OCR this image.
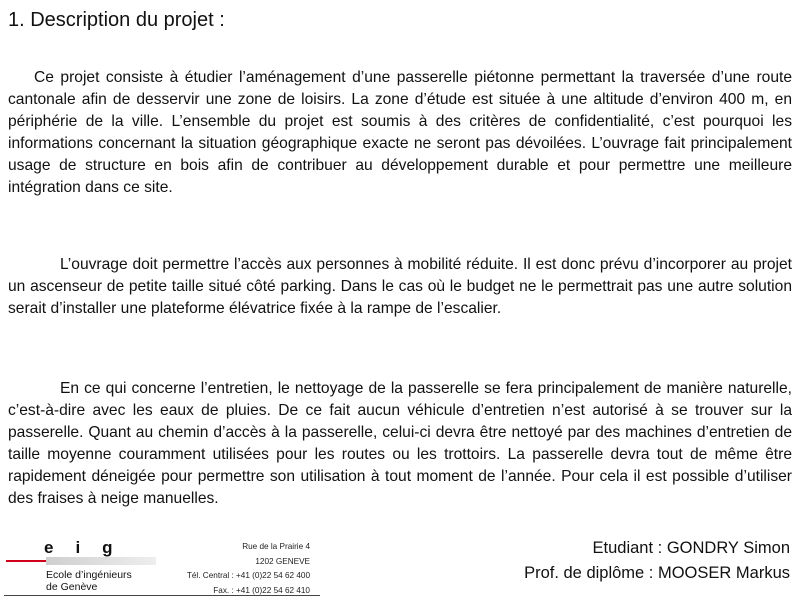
1. Description du projet :

Ce projet consiste à étudier l’aménagement d’une passerelle piétonne permettant la traversée d’une route cantonale afin de desservir une zone de loisirs. La zone d’étude est située à une altitude d’environ 400 m, en périphérie de la ville. L’ensemble du projet est soumis à des critères de confidentialité, c’est pourquoi les informations concernant la situation géographique exacte ne seront pas dévoilées. L’ouvrage fait principalement usage de structure en bois afin de contribuer au développement durable et pour permettre une meilleure intégration dans ce site.

L’ouvrage doit permettre l’accès aux personnes à mobilité réduite. Il est donc prévu d’incorporer au projet un ascenseur de petite taille situé côté parking. Dans le cas où le budget ne le permettrait pas une autre solution serait d’installer une plateforme élévatrice fixée à la rampe de l’escalier.

En ce qui concerne l’entretien, le nettoyage de la passerelle se fera principalement de manière naturelle, c’est-à-dire avec les eaux de pluies. De ce fait aucun véhicule d’entretien n’est autorisé à se trouver sur la passerelle. Quant au chemin d’accès à la passerelle, celui-ci devra être nettoyé par des machines d’entretien de taille moyenne couramment utilisées pour les routes ou les trottoirs. La passerelle devra tout de même être rapidement déneigée pour permettre son utilisation à tout moment de l’année. Pour cela il est possible d’utiliser des fraises à neige manuelles.

eig
Ecole d’ingénieurs
de Genève
Rue de la Prairie 4
1202 GENEVE
Tél. Central : +41 (0)22 54 62 400
Fax. : +41 (0)22 54 62 410
Etudiant : GONDRY Simon
Prof. de diplôme : MOOSER Markus
